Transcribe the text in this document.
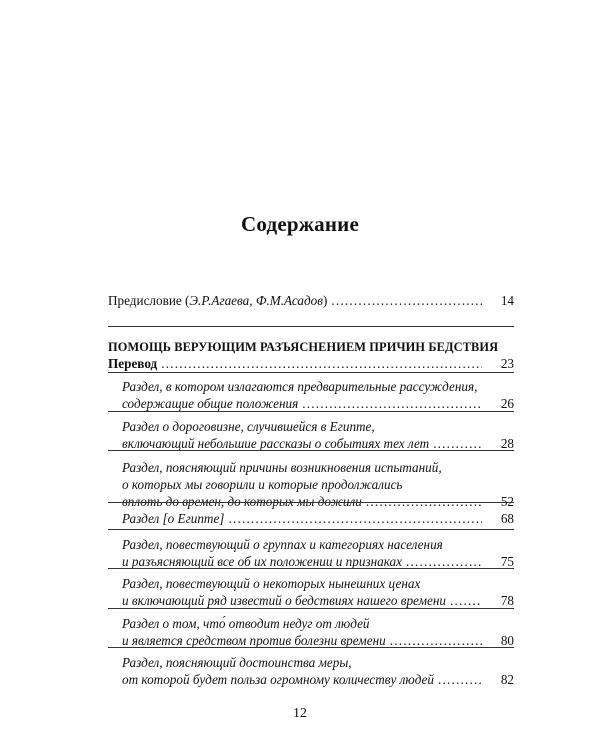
Содержание
Предисловие (Э.Р.Агаева, Ф.М.Асадов) .....	14
ПОМОЩЬ ВЕРУЮЩИМ РАЗЪЯСНЕНИЕМ ПРИЧИН БЕДСТВИЯ
Перевод .....	23
Раздел, в котором излагаются предварительные рассуждения,
содержащие общие положения .....	26
Раздел о дороговизне, случившейся в Египте,
включающий небольшие рассказы о событиях тех лет .....	28
Раздел, поясняющий причины возникновения испытаний,
о которых мы говорили и которые продолжались
вплоть до времен, до которых мы дожили .....	52
Раздел [о Египте] .....	68
Раздел, повествующий о группах и категориях населения
и разъясняющий все об их положении и признаках .....	75
Раздел, повествующий о некоторых нынешних ценах
и включающий ряд известий о бедствиях нашего времени .....	78
Раздел о том, что́ отводит недуг от людей
и является средством против болезни времени .....	80
Раздел, поясняющий достоинства меры,
от которой будет польза огромному количеству людей .....	82
12
